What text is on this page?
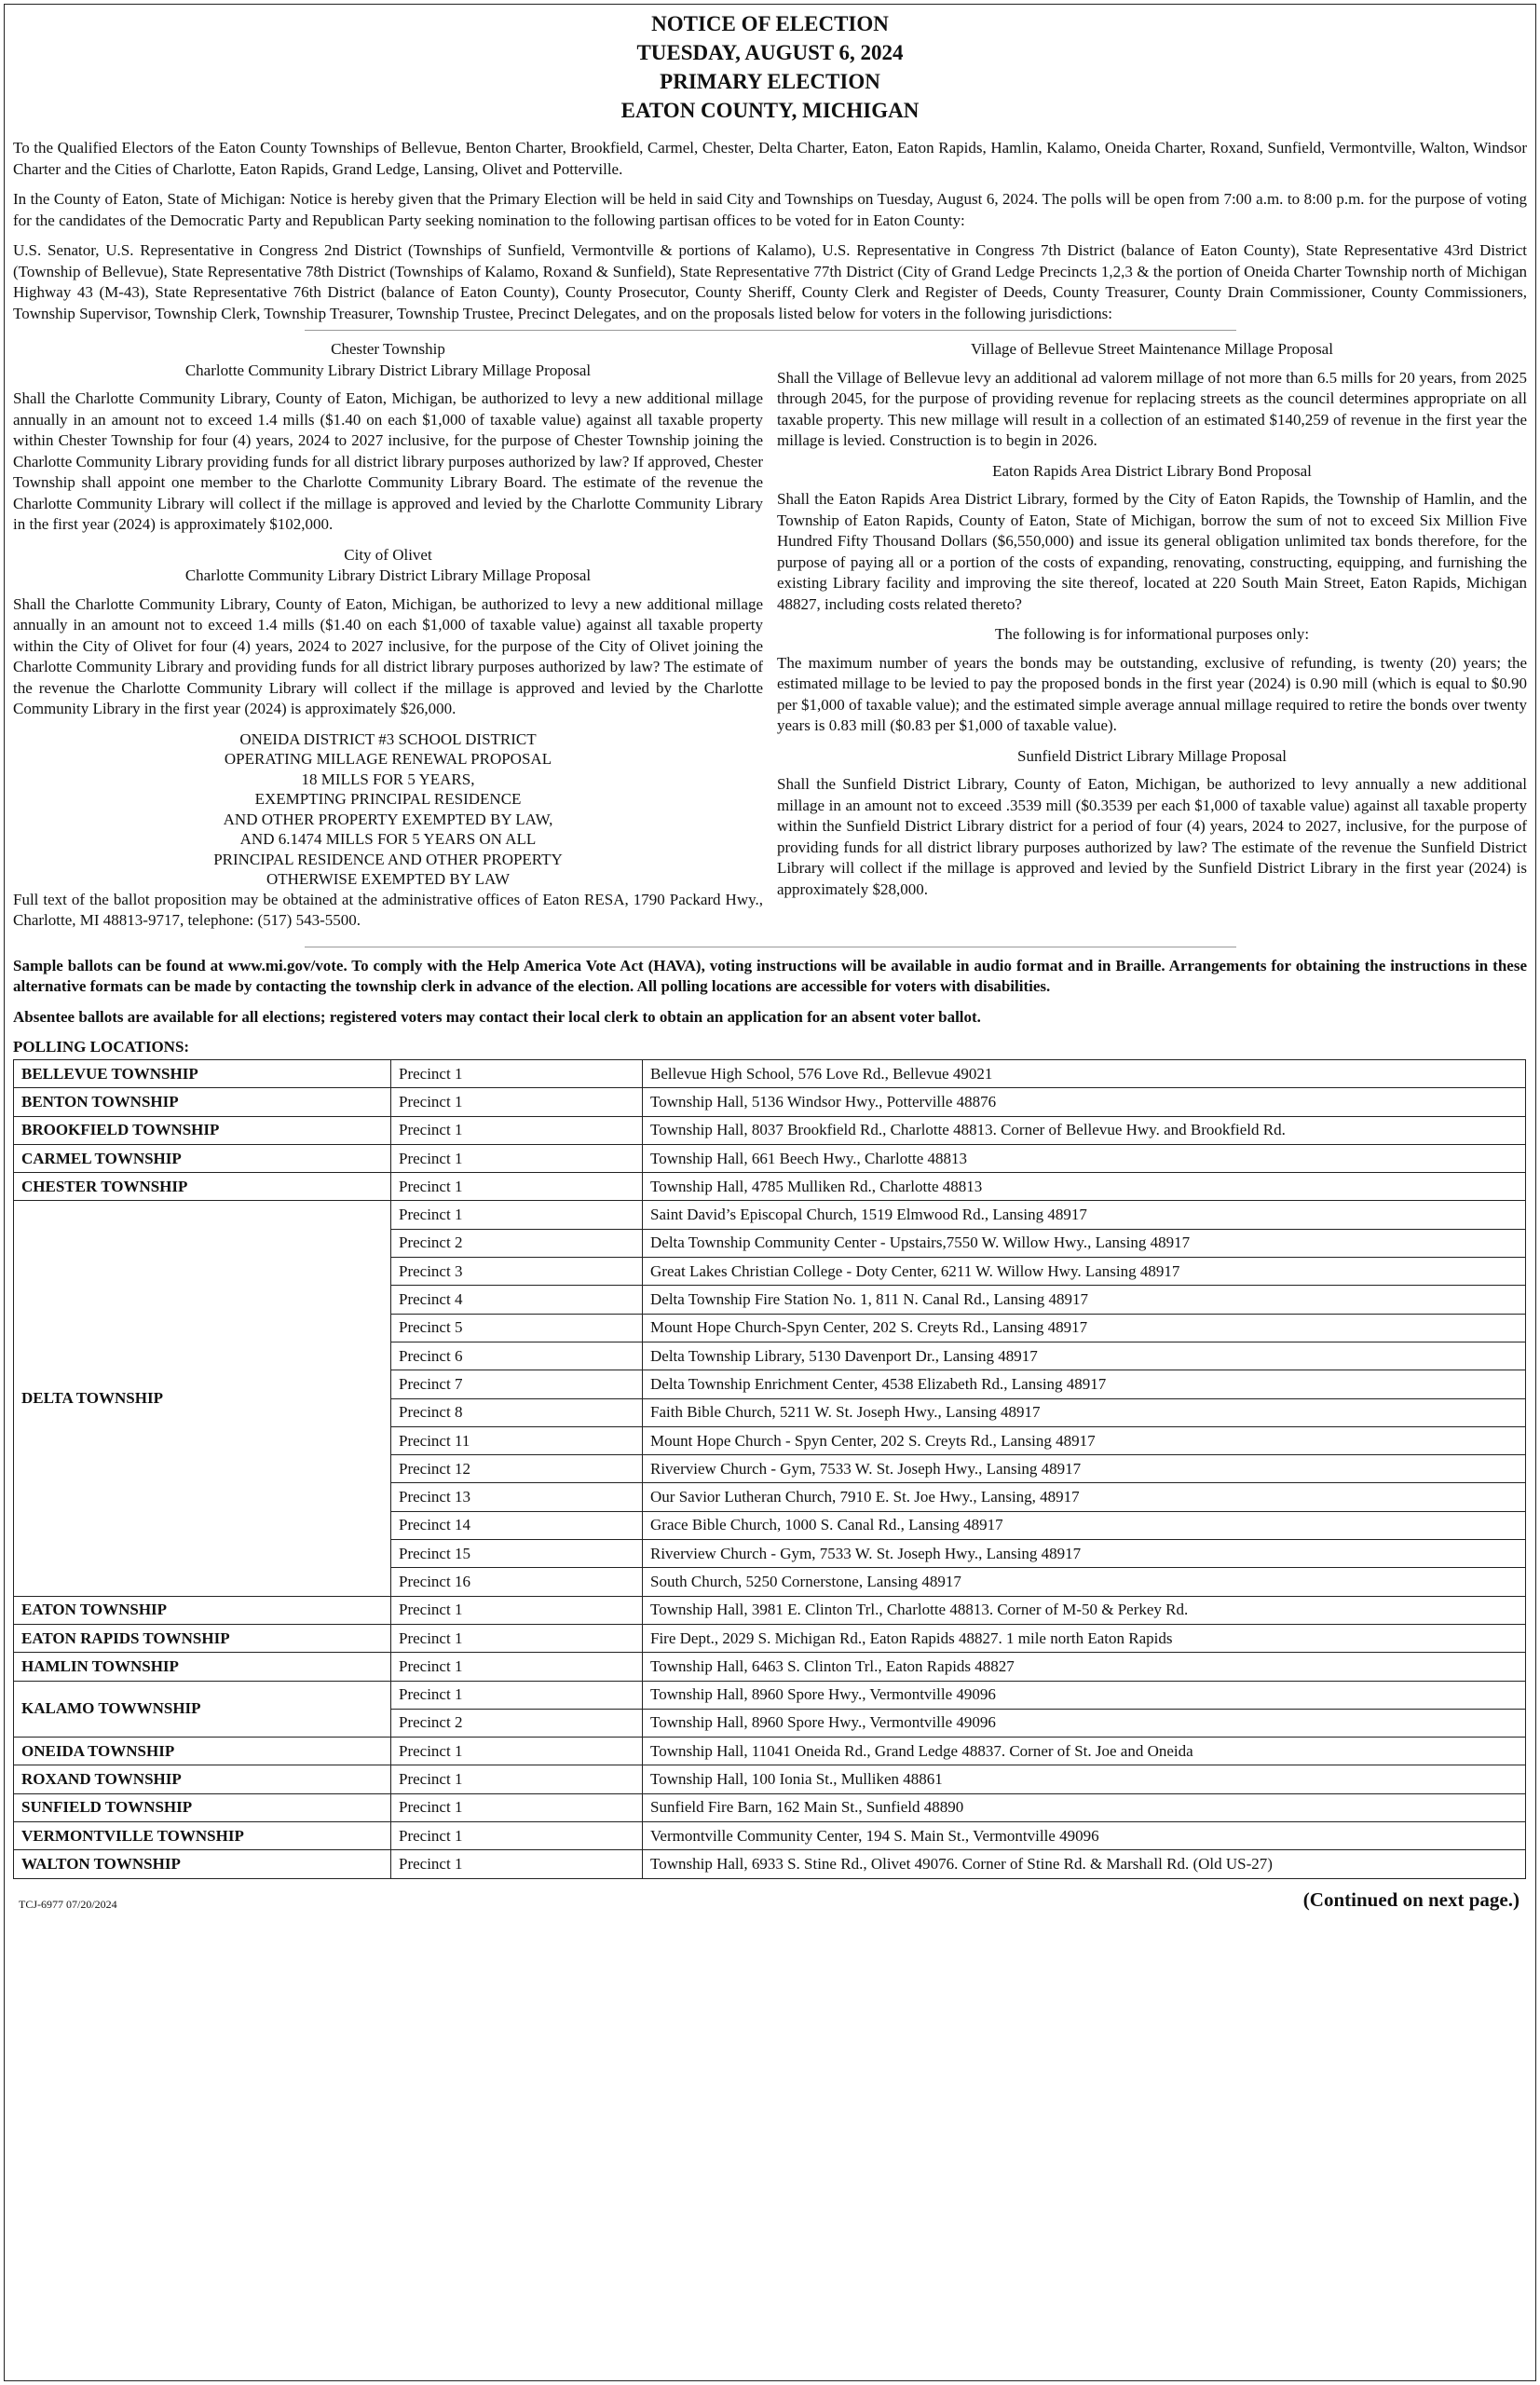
NOTICE OF ELECTION
TUESDAY, AUGUST 6, 2024
PRIMARY ELECTION
EATON COUNTY, MICHIGAN

To the Qualified Electors of the Eaton County Townships of Bellevue, Benton Charter, Brookfield, Carmel, Chester, Delta Charter, Eaton, Eaton Rapids, Hamlin, Kalamo, Oneida Charter, Roxand, Sunfield, Vermontville, Walton, Windsor Charter and the Cities of Charlotte, Eaton Rapids, Grand Ledge, Lansing, Olivet and Potterville.

In the County of Eaton, State of Michigan: Notice is hereby given that the Primary Election will be held in said City and Townships on Tuesday, August 6, 2024. The polls will be open from 7:00 a.m. to 8:00 p.m. for the purpose of voting for the candidates of the Democratic Party and Republican Party seeking nomination to the following partisan offices to be voted for in Eaton County:

U.S. Senator, U.S. Representative in Congress 2nd District (Townships of Sunfield, Vermontville & portions of Kalamo), U.S. Representative in Congress 7th District (balance of Eaton County), State Representative 43rd District (Township of Bellevue), State Representative 78th District (Townships of Kalamo, Roxand & Sunfield), State Representative 77th District (City of Grand Ledge Precincts 1,2,3 & the portion of Oneida Charter Township north of Michigan Highway 43 (M-43), State Representative 76th District (balance of Eaton County), County Prosecutor, County Sheriff, County Clerk and Register of Deeds, County Treasurer, County Drain Commissioner, County Commissioners, Township Supervisor, Township Clerk, Township Treasurer, Township Trustee, Precinct Delegates, and on the proposals listed below for voters in the following jurisdictions:

Chester Township

Charlotte Community Library District Library Millage Proposal

Shall the Charlotte Community Library, County of Eaton, Michigan, be authorized to levy a new additional millage annually in an amount not to exceed 1.4 mills ($1.40 on each $1,000 of taxable value) against all taxable property within Chester Township for four (4) years, 2024 to 2027 inclusive, for the purpose of Chester Township joining the Charlotte Community Library providing funds for all district library purposes authorized by law? If approved, Chester Township shall appoint one member to the Charlotte Community Library Board. The estimate of the revenue the Charlotte Community Library will collect if the millage is approved and levied by the Charlotte Community Library in the first year (2024) is approximately $102,000.

City of Olivet

Charlotte Community Library District Library Millage Proposal

Shall the Charlotte Community Library, County of Eaton, Michigan, be authorized to levy a new additional millage annually in an amount not to exceed 1.4 mills ($1.40 on each $1,000 of taxable value) against all taxable property within the City of Olivet for four (4) years, 2024 to 2027 inclusive, for the purpose of the City of Olivet joining the Charlotte Community Library and providing funds for all district library purposes authorized by law? The estimate of the revenue the Charlotte Community Library will collect if the millage is approved and levied by the Charlotte Community Library in the first year (2024) is approximately $26,000.

ONEIDA DISTRICT #3 SCHOOL DISTRICT

OPERATING MILLAGE RENEWAL PROPOSAL

18 MILLS FOR 5 YEARS,

EXEMPTING PRINCIPAL RESIDENCE

AND OTHER PROPERTY EXEMPTED BY LAW,

AND 6.1474 MILLS FOR 5 YEARS ON ALL

PRINCIPAL RESIDENCE AND OTHER PROPERTY

OTHERWISE EXEMPTED BY LAW

Full text of the ballot proposition may be obtained at the administrative offices of Eaton RESA, 1790 Packard Hwy., Charlotte, MI 48813-9717, telephone: (517) 543-5500.

Village of Bellevue Street Maintenance Millage Proposal

Shall the Village of Bellevue levy an additional ad valorem millage of not more than 6.5 mills for 20 years, from 2025 through 2045, for the purpose of providing revenue for replacing streets as the council determines appropriate on all taxable property. This new millage will result in a collection of an estimated $140,259 of revenue in the first year the millage is levied. Construction is to begin in 2026.

Eaton Rapids Area District Library Bond Proposal

Shall the Eaton Rapids Area District Library, formed by the City of Eaton Rapids, the Township of Hamlin, and the Township of Eaton Rapids, County of Eaton, State of Michigan, borrow the sum of not to exceed Six Million Five Hundred Fifty Thousand Dollars ($6,550,000) and issue its general obligation unlimited tax bonds therefore, for the purpose of paying all or a portion of the costs of expanding, renovating, constructing, equipping, and furnishing the existing Library facility and improving the site thereof, located at 220 South Main Street, Eaton Rapids, Michigan 48827, including costs related thereto?

The following is for informational purposes only:

The maximum number of years the bonds may be outstanding, exclusive of refunding, is twenty (20) years; the estimated millage to be levied to pay the proposed bonds in the first year (2024) is 0.90 mill (which is equal to $0.90 per $1,000 of taxable value); and the estimated simple average annual millage required to retire the bonds over twenty years is 0.83 mill ($0.83 per $1,000 of taxable value).

Sunfield District Library Millage Proposal

Shall the Sunfield District Library, County of Eaton, Michigan, be authorized to levy annually a new additional millage in an amount not to exceed .3539 mill ($0.3539 per each $1,000 of taxable value) against all taxable property within the Sunfield District Library district for a period of four (4) years, 2024 to 2027, inclusive, for the purpose of providing funds for all district library purposes authorized by law? The estimate of the revenue the Sunfield District Library will collect if the millage is approved and levied by the Sunfield District Library in the first year (2024) is approximately $28,000.

Sample ballots can be found at www.mi.gov/vote. To comply with the Help America Vote Act (HAVA), voting instructions will be available in audio format and in Braille. Arrangements for obtaining the instructions in these alternative formats can be made by contacting the township clerk in advance of the election. All polling locations are accessible for voters with disabilities.

Absentee ballots are available for all elections; registered voters may contact their local clerk to obtain an application for an absent voter ballot.

POLLING LOCATIONS:
BELLEVUE TOWNSHIP	Precinct 1	Bellevue High School, 576 Love Rd., Bellevue 49021
BENTON TOWNSHIP	Precinct 1	Township Hall, 5136 Windsor Hwy., Potterville 48876
BROOKFIELD TOWNSHIP	Precinct 1	Township Hall, 8037 Brookfield Rd., Charlotte 48813. Corner of Bellevue Hwy. and Brookfield Rd.
CARMEL TOWNSHIP	Precinct 1	Township Hall, 661 Beech Hwy., Charlotte 48813
CHESTER TOWNSHIP	Precinct 1	Township Hall, 4785 Mulliken Rd., Charlotte 48813
DELTA TOWNSHIP	Precinct 1	Saint David’s Episcopal Church, 1519 Elmwood Rd., Lansing 48917
	Precinct 2	Delta Township Community Center - Upstairs,7550 W. Willow Hwy., Lansing 48917
	Precinct 3	Great Lakes Christian College - Doty Center, 6211 W. Willow Hwy. Lansing 48917
	Precinct 4	Delta Township Fire Station No. 1, 811 N. Canal Rd., Lansing 48917
	Precinct 5	Mount Hope Church-Spyn Center, 202 S. Creyts Rd., Lansing 48917
	Precinct 6	Delta Township Library, 5130 Davenport Dr., Lansing 48917
	Precinct 7	Delta Township Enrichment Center, 4538 Elizabeth Rd., Lansing 48917
	Precinct 8	Faith Bible Church, 5211 W. St. Joseph Hwy., Lansing 48917
	Precinct 11	Mount Hope Church - Spyn Center, 202 S. Creyts Rd., Lansing 48917
	Precinct 12	Riverview Church - Gym, 7533 W. St. Joseph Hwy., Lansing 48917
	Precinct 13	Our Savior Lutheran Church, 7910 E. St. Joe Hwy., Lansing, 48917
	Precinct 14	Grace Bible Church, 1000 S. Canal Rd., Lansing 48917
	Precinct 15	Riverview Church - Gym, 7533 W. St. Joseph Hwy., Lansing 48917
	Precinct 16	South Church, 5250 Cornerstone, Lansing 48917
EATON TOWNSHIP	Precinct 1	Township Hall, 3981 E. Clinton Trl., Charlotte 48813. Corner of M-50 & Perkey Rd.
EATON RAPIDS TOWNSHIP	Precinct 1	Fire Dept., 2029 S. Michigan Rd., Eaton Rapids 48827. 1 mile north Eaton Rapids
HAMLIN TOWNSHIP	Precinct 1	Township Hall, 6463 S. Clinton Trl., Eaton Rapids 48827
KALAMO TOWWNSHIP	Precinct 1	Township Hall, 8960 Spore Hwy., Vermontville 49096
	Precinct 2	Township Hall, 8960 Spore Hwy., Vermontville 49096
ONEIDA TOWNSHIP	Precinct 1	Township Hall, 11041 Oneida Rd., Grand Ledge 48837. Corner of St. Joe and Oneida
ROXAND TOWNSHIP	Precinct 1	Township Hall, 100 Ionia St., Mulliken 48861
SUNFIELD TOWNSHIP	Precinct 1	Sunfield Fire Barn, 162 Main St., Sunfield 48890
VERMONTVILLE TOWNSHIP	Precinct 1	Vermontville Community Center, 194 S. Main St., Vermontville 49096
WALTON TOWNSHIP	Precinct 1	Township Hall, 6933 S. Stine Rd., Olivet 49076. Corner of Stine Rd. & Marshall Rd. (Old US-27)
TCJ-6977 07/20/2024	(Continued on next page.)
